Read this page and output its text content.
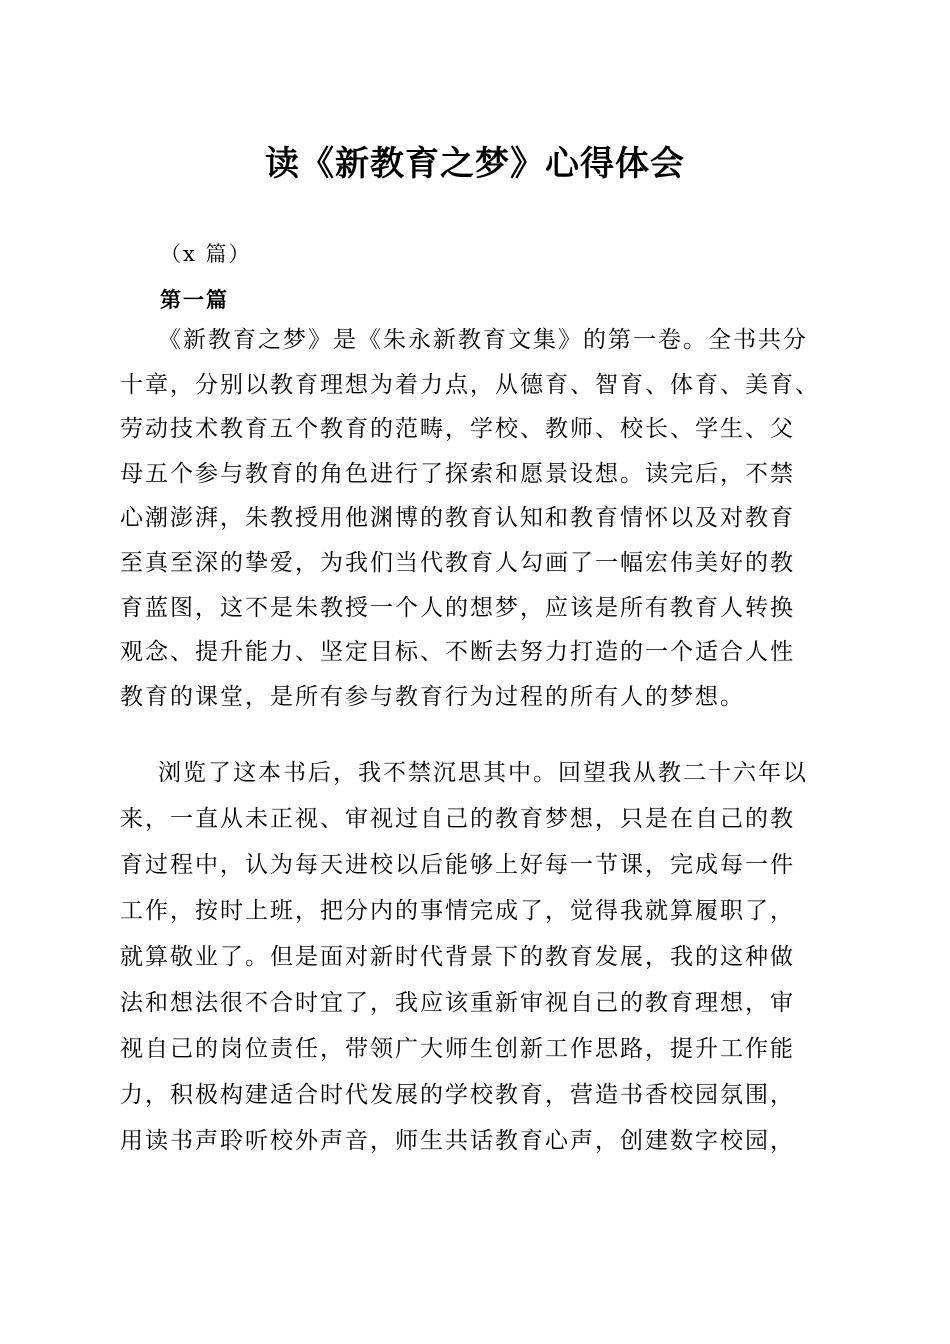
读《新教育之梦》心得体会
（x 篇）
第一篇
《新教育之梦》是《朱永新教育文集》的第一卷。全书共分
十章，分别以教育理想为着力点，从德育、智育、体育、美育、
劳动技术教育五个教育的范畴，学校、教师、校长、学生、父
母五个参与教育的角色进行了探索和愿景设想。读完后，不禁
心潮澎湃，朱教授用他渊博的教育认知和教育情怀以及对教育
至真至深的挚爱，为我们当代教育人勾画了一幅宏伟美好的教
育蓝图，这不是朱教授一个人的想梦，应该是所有教育人转换
观念、提升能力、坚定目标、不断去努力打造的一个适合人性
教育的课堂，是所有参与教育行为过程的所有人的梦想。
浏览了这本书后，我不禁沉思其中。回望我从教二十六年以
来，一直从未正视、审视过自己的教育梦想，只是在自己的教
育过程中，认为每天进校以后能够上好每一节课，完成每一件
工作，按时上班，把分内的事情完成了，觉得我就算履职了，
就算敬业了。但是面对新时代背景下的教育发展，我的这种做
法和想法很不合时宜了，我应该重新审视自己的教育理想，审
视自己的岗位责任，带领广大师生创新工作思路，提升工作能
力，积极构建适合时代发展的学校教育，营造书香校园氛围，
用读书声聆听校外声音，师生共话教育心声，创建数字校园，
